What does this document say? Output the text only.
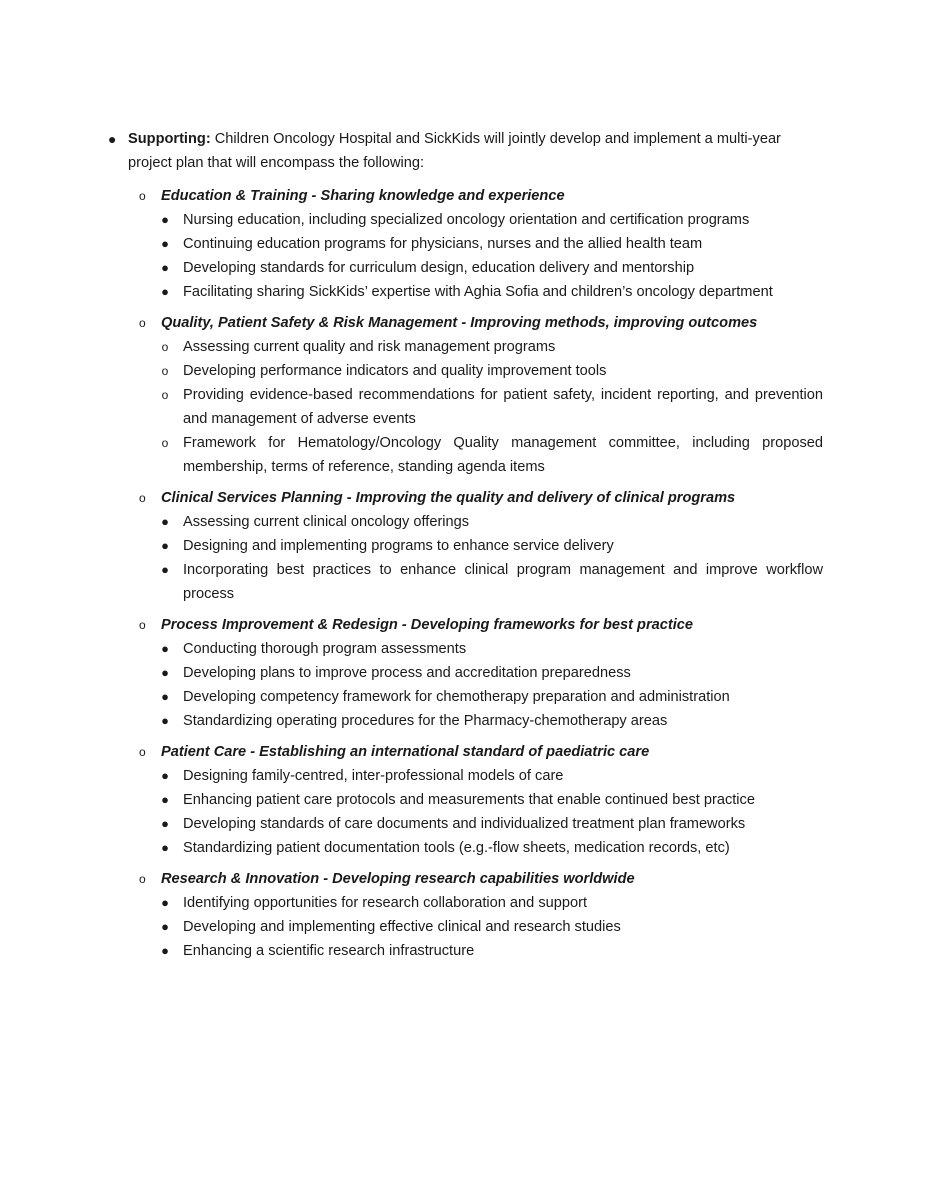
● Supporting: Children Oncology Hospital and SickKids will jointly develop and implement a multi-year project plan that will encompass the following:
o Education & Training - Sharing knowledge and experience
● Nursing education, including specialized oncology orientation and certification programs
● Continuing education programs for physicians, nurses and the allied health team
● Developing standards for curriculum design, education delivery and mentorship
● Facilitating sharing SickKids’ expertise with Aghia Sofia and children’s oncology department
o Quality, Patient Safety & Risk Management - Improving methods, improving outcomes
o Assessing current quality and risk management programs
o Developing performance indicators and quality improvement tools
o Providing evidence-based recommendations for patient safety, incident reporting, and prevention and management of adverse events
o Framework for Hematology/Oncology Quality management committee, including proposed membership, terms of reference, standing agenda items
o Clinical Services Planning - Improving the quality and delivery of clinical programs
● Assessing current clinical oncology offerings
● Designing and implementing programs to enhance service delivery
● Incorporating best practices to enhance clinical program management and improve workflow process
o Process Improvement & Redesign - Developing frameworks for best practice
● Conducting thorough program assessments
● Developing plans to improve process and accreditation preparedness
● Developing competency framework for chemotherapy preparation and administration
● Standardizing operating procedures for the Pharmacy-chemotherapy areas
o Patient Care - Establishing an international standard of paediatric care
● Designing family-centred, inter-professional models of care
● Enhancing patient care protocols and measurements that enable continued best practice
● Developing standards of care documents and individualized treatment plan frameworks
● Standardizing patient documentation tools (e.g.-flow sheets, medication records, etc)
o Research & Innovation - Developing research capabilities worldwide
● Identifying opportunities for research collaboration and support
● Developing and implementing effective clinical and research studies
● Enhancing a scientific research infrastructure
